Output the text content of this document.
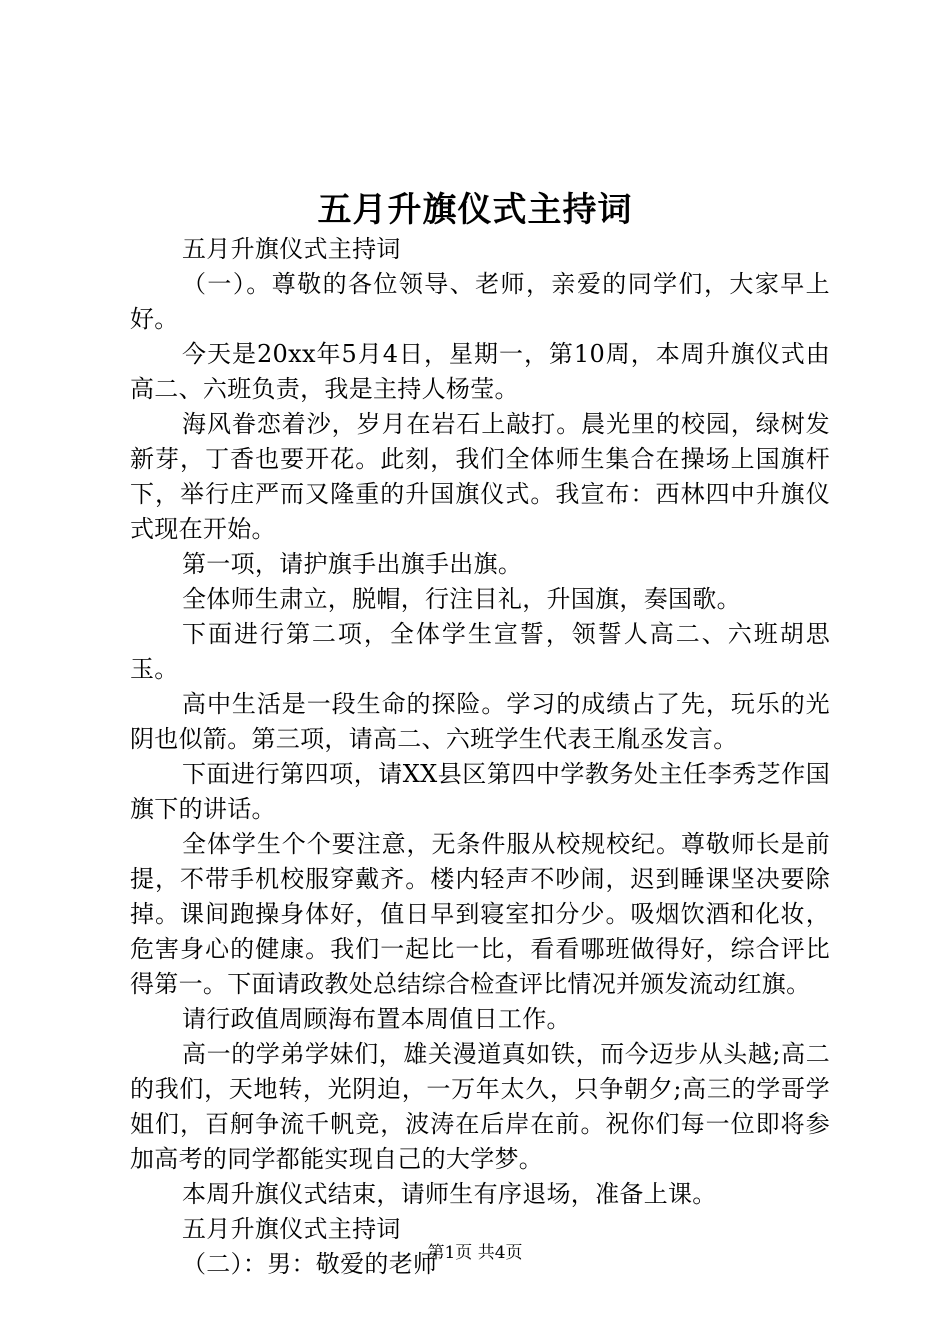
五月升旗仪式主持词

五月升旗仪式主持词

（一）。尊敬的各位领导、老师，亲爱的同学们，大家早上好。

今天是20xx年5月4日，星期一，第10周，本周升旗仪式由高二、六班负责，我是主持人杨莹。

海风眷恋着沙，岁月在岩石上敲打。晨光里的校园，绿树发新芽，丁香也要开花。此刻，我们全体师生集合在操场上国旗杆下，举行庄严而又隆重的升国旗仪式。我宣布：西林四中升旗仪式现在开始。

第一项，请护旗手出旗手出旗。

全体师生肃立，脱帽，行注目礼，升国旗，奏国歌。

下面进行第二项，全体学生宣誓，领誓人高二、六班胡思玉。

高中生活是一段生命的探险。学习的成绩占了先，玩乐的光阴也似箭。第三项，请高二、六班学生代表王胤丞发言。

下面进行第四项，请XX县区第四中学教务处主任李秀芝作国旗下的讲话。

全体学生个个要注意，无条件服从校规校纪。尊敬师长是前提，不带手机校服穿戴齐。楼内轻声不吵闹，迟到睡课坚决要除掉。课间跑操身体好，值日早到寝室扣分少。吸烟饮酒和化妆，危害身心的健康。我们一起比一比，看看哪班做得好，综合评比得第一。下面请政教处总结综合检查评比情况并颁发流动红旗。

请行政值周顾海布置本周值日工作。

高一的学弟学妹们，雄关漫道真如铁，而今迈步从头越;高二的我们，天地转，光阴迫，一万年太久，只争朝夕;高三的学哥学姐们，百舸争流千帆竞，波涛在后岸在前。祝你们每一位即将参加高考的同学都能实现自己的大学梦。

本周升旗仪式结束，请师生有序退场，准备上课。

五月升旗仪式主持词

（二）：男：敬爱的老师

第1页 共4页
